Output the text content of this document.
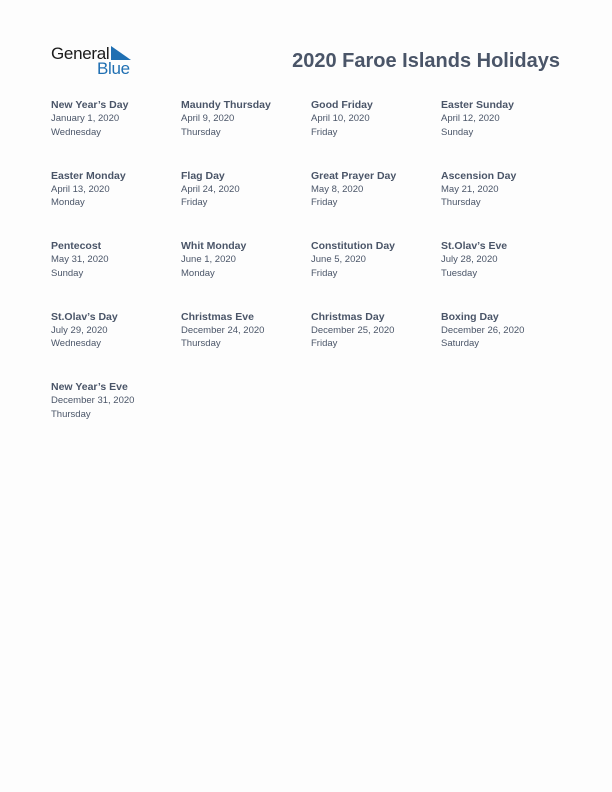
General
Blue	2020 Faroe Islands Holidays
New Year’s Day
January 1, 2020
Wednesday
Maundy Thursday
April 9, 2020
Thursday
Good Friday
April 10, 2020
Friday
Easter Sunday
April 12, 2020
Sunday
Easter Monday
April 13, 2020
Monday
Flag Day
April 24, 2020
Friday
Great Prayer Day
May 8, 2020
Friday
Ascension Day
May 21, 2020
Thursday
Pentecost
May 31, 2020
Sunday
Whit Monday
June 1, 2020
Monday
Constitution Day
June 5, 2020
Friday
St.Olav’s Eve
July 28, 2020
Tuesday
St.Olav’s Day
July 29, 2020
Wednesday
Christmas Eve
December 24, 2020
Thursday
Christmas Day
December 25, 2020
Friday
Boxing Day
December 26, 2020
Saturday
New Year’s Eve
December 31, 2020
Thursday
